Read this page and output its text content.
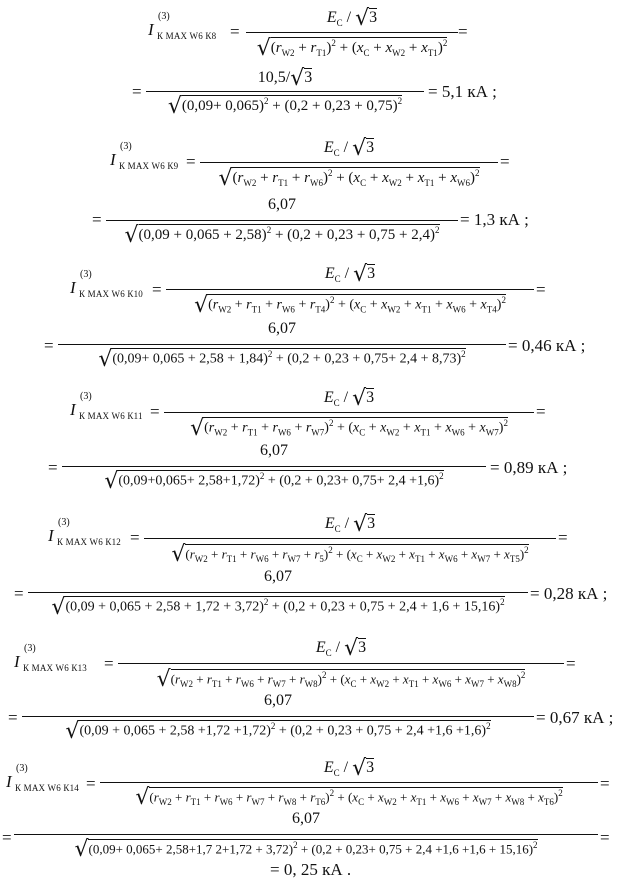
I
(3)
К MAX W6 К8 =
$E_C / √3$
$√(r_{W2} + r_{T1})^2 + (x_C + x_{W2} + x_{T1})^2$
=
=
10,5/√3
$√(0,09+ 0,065)^2 + (0,2 + 0,23 + 0,75)^2$	= 5,1 кА ;
I
(3)
К MAX W6 К9 =
$E_C / √3$
$√(r_{W2} + r_{T1} + r_{W6})^2 + (x_C + x_{W2} + x_{T1} + x_{W6})^2$
=
=
6,07
$√(0,09 + 0,065 + 2,58)^2 + (0,2 + 0,23 + 0,75 + 2,4)^2$
= 1,3 кА ;
I
(3)
К MAX W6 К10 =
$E_C / √3$
$√(r_{W2} + r_{T1} + r_{W6} + r_{T4})^2 + (x_C + x_{W2} + x_{T1} + x_{W6} + x_{T4})^2$
=
=
6,07
$√(0,09+ 0,065 + 2,58 + 1,84)^2 + (0,2 + 0,23 + 0,75+ 2,4 + 8,73)^2$	= 0,46 кА ;
I
(3)
К MAX W6 К11 =
$E_C / √3$
$√(r_{W2} + r_{T1} + r_{W6} + r_{W7})^2 + (x_C + x_{W2} + x_{T1} + x_{W6} + x_{W7})^2$
=
=
6,07
$√(0,09+0,065+ 2,58+1,72)^2 + (0,2 + 0,23+ 0,75+ 2,4 +1,6)^2$	= 0,89 кА ;
I
(3)
К MAX W6 К12 =
$E_C / √3$
$√(r_{W2} + r_{T1} + r_{W6} + r_{W7} + r_5)^2 + (x_C + x_{W2} + x_{T1} + x_{W6} + x_{W7} + x_{T5})^2$
=
=
6,07
$√(0,09 + 0,065 + 2,58 + 1,72 + 3,72)^2 + (0,2 + 0,23 + 0,75 + 2,4 + 1,6 + 15,16)^2$	= 0,28 кА ;
I
(3)
К MAX W6 К13 =
$E_C / √3$
$√(r_{W2} + r_{T1} + r_{W6} + r_{W7} + r_{W8})^2 + (x_C + x_{W2} + x_{T1} + x_{W6} + x_{W7} + x_{W8})^2$
=
=
6,07
$√(0,09 + 0,065 + 2,58 +1,72 +1,72)^2 + (0,2 + 0,23 + 0,75 + 2,4 +1,6 +1,6)^2$	= 0,67 кА ;
I
(3)
К MAX W6 К14 =
$E_C / √3$
$√(r_{W2} + r_{T1} + r_{W6} + r_{W7} + r_{W8} + r_{T6})^2 + (x_C + x_{W2} + x_{T1} + x_{W6} + x_{W7} + x_{W8} + x_{T6})^2$	=
=
6,07
√(0,09+ 0,065+ 2,58+1,7 $2+1,72 + 3,72)^2 + (0,2 + 0,23+ 0,75 + 2,4 +1,6 +1,6 + 15,16)^2$	=
= 0, 25 кА .
